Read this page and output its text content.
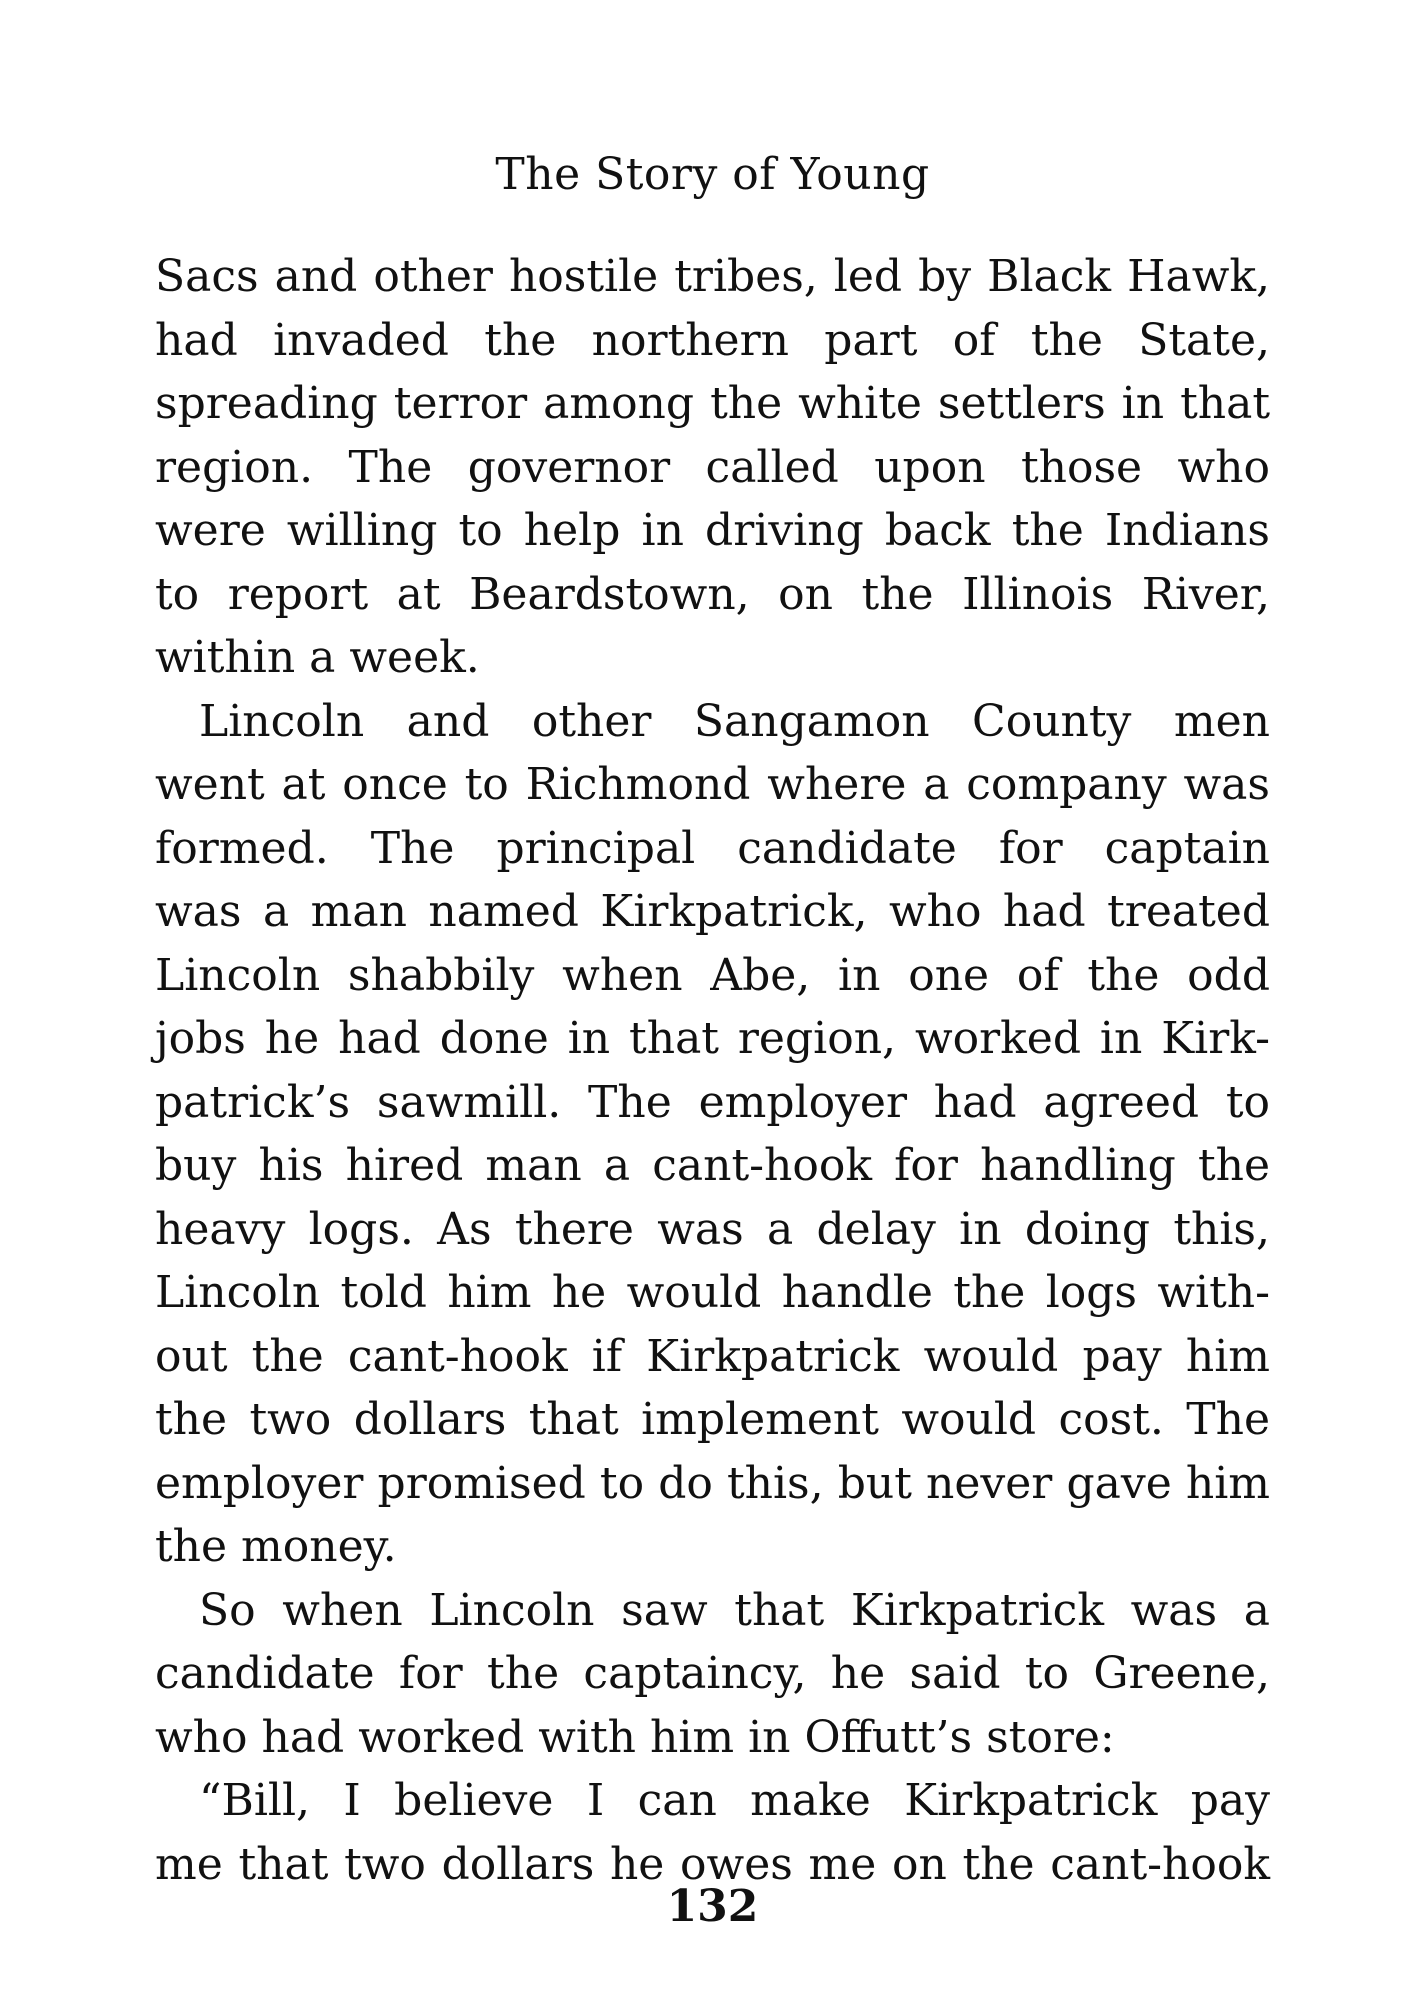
The Story of Young

Sacs and other hostile tribes, led by Black Hawk,
had invaded the northern part of the State,
spreading terror among the white settlers in that
region. The governor called upon those who
were willing to help in driving back the Indians
to report at Beardstown, on the Illinois River,
within a week.

Lincoln and other Sangamon County men
went at once to Richmond where a company was
formed. The principal candidate for captain
was a man named Kirkpatrick, who had treated
Lincoln shabbily when Abe, in one of the odd
jobs he had done in that region, worked in Kirk-
patrick’s sawmill. The employer had agreed to
buy his hired man a cant-hook for handling the
heavy logs. As there was a delay in doing this,
Lincoln told him he would handle the logs with-
out the cant-hook if Kirkpatrick would pay him
the two dollars that implement would cost. The
employer promised to do this, but never gave him
the money.

So when Lincoln saw that Kirkpatrick was a
candidate for the captaincy, he said to Greene,
who had worked with him in Offutt’s store:

“Bill, I believe I can make Kirkpatrick pay
me that two dollars he owes me on the cant-hook

132
